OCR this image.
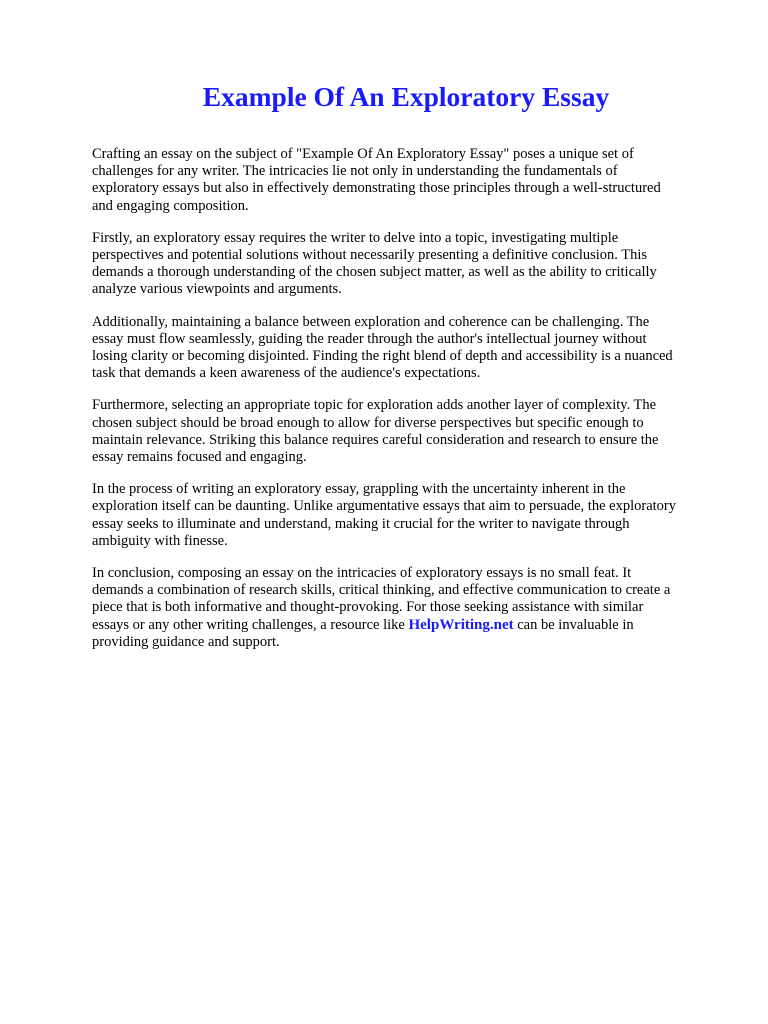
Example Of An Exploratory Essay

Crafting an essay on the subject of "Example Of An Exploratory Essay" poses a unique set of
challenges for any writer. The intricacies lie not only in understanding the fundamentals of
exploratory essays but also in effectively demonstrating those principles through a well-structured
and engaging composition.

Firstly, an exploratory essay requires the writer to delve into a topic, investigating multiple
perspectives and potential solutions without necessarily presenting a definitive conclusion. This
demands a thorough understanding of the chosen subject matter, as well as the ability to critically
analyze various viewpoints and arguments.

Additionally, maintaining a balance between exploration and coherence can be challenging. The
essay must flow seamlessly, guiding the reader through the author's intellectual journey without
losing clarity or becoming disjointed. Finding the right blend of depth and accessibility is a nuanced
task that demands a keen awareness of the audience's expectations.

Furthermore, selecting an appropriate topic for exploration adds another layer of complexity. The
chosen subject should be broad enough to allow for diverse perspectives but specific enough to
maintain relevance. Striking this balance requires careful consideration and research to ensure the
essay remains focused and engaging.

In the process of writing an exploratory essay, grappling with the uncertainty inherent in the
exploration itself can be daunting. Unlike argumentative essays that aim to persuade, the exploratory
essay seeks to illuminate and understand, making it crucial for the writer to navigate through
ambiguity with finesse.

In conclusion, composing an essay on the intricacies of exploratory essays is no small feat. It
demands a combination of research skills, critical thinking, and effective communication to create a
piece that is both informative and thought-provoking. For those seeking assistance with similar
essays or any other writing challenges, a resource like HelpWriting.net can be invaluable in
providing guidance and support.
